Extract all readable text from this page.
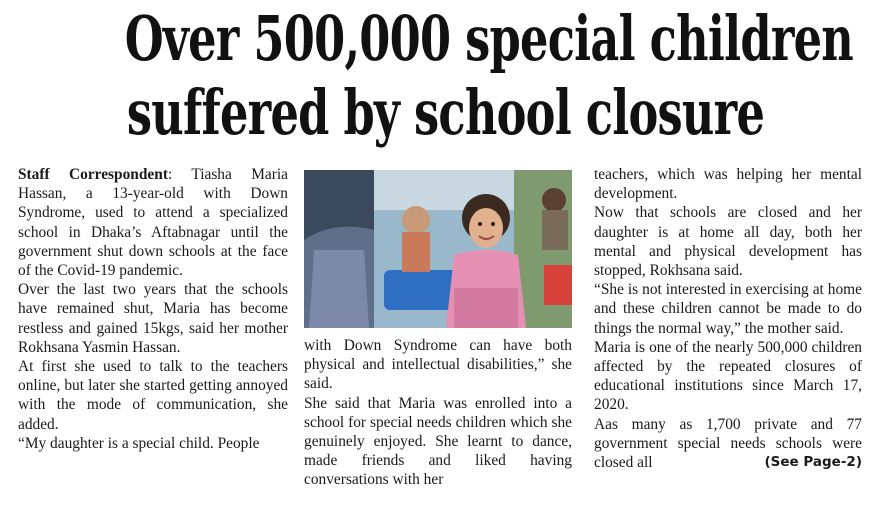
Over 500,000 special children
suffered by school closure

Staff Correspondent: Tiasha Maria Hassan, a 13-year-old with Down Syndrome, used to attend a specialized school in Dhaka’s Aftabnagar until the government shut down schools at the face of the Covid-19 pandemic.

Over the last two years that the schools have remained shut, Maria has become restless and gained 15kgs, said her mother Rokhsana Yasmin Hassan.

At first she used to talk to the teachers online, but later she started getting annoyed with the mode of communication, she added.

“My daughter is a special child. People

with Down Syndrome can have both physical and intellectual disabilities,” she said.

She said that Maria was enrolled into a school for special needs children which she genuinely enjoyed. She learnt to dance, made friends and liked having conversations with her

teachers, which was helping her mental development.

Now that schools are closed and her daughter is at home all day, both her mental and physical development has stopped, Rokhsana said.

“She is not interested in exercising at home and these children cannot be made to do things the normal way,” the mother said.

Maria is one of the nearly 500,000 children affected by the repeated closures of educational institutions since March 17, 2020.

Aas many as 1,700 private and 77 government special needs schools were closed all	(See Page-2)
